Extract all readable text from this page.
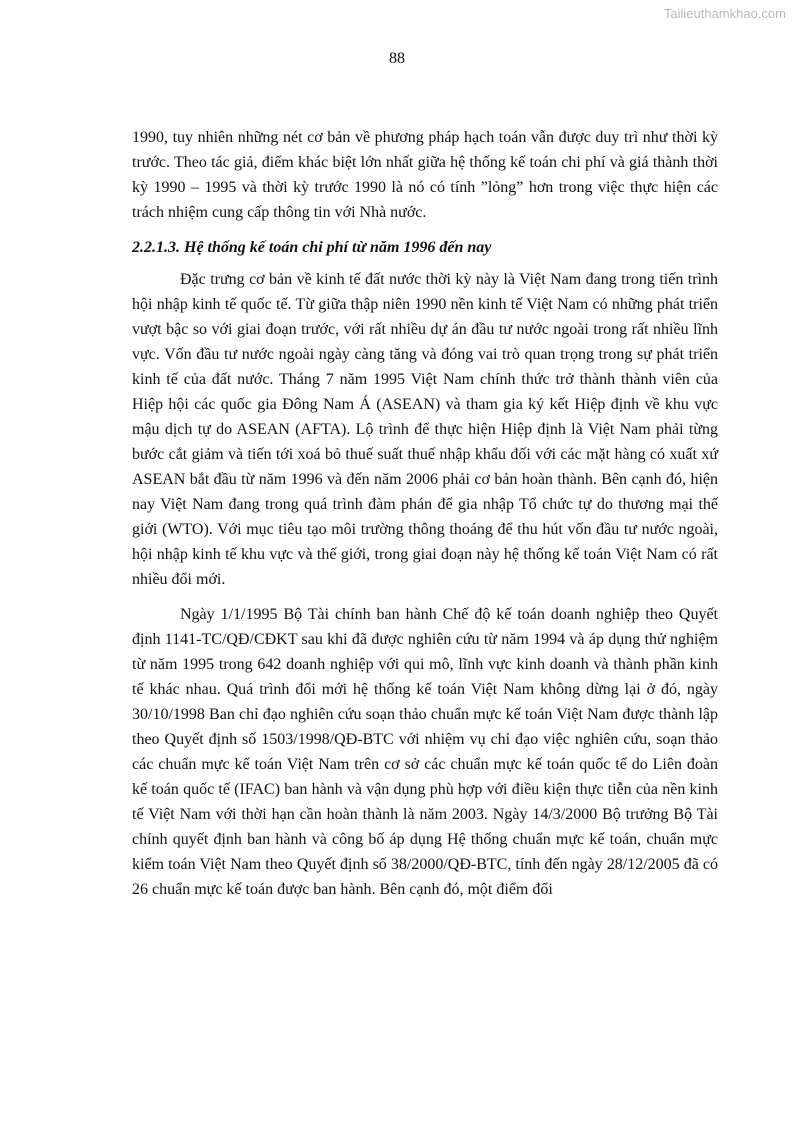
Tailieuthamkhao.com
88

1990, tuy nhiên những nét cơ bản về phương pháp hạch toán vẫn được duy trì như thời kỳ trước. Theo tác giả, điểm khác biệt lớn nhất giữa hệ thống kế toán chi phí và giá thành thời kỳ 1990 – 1995 và thời kỳ trước 1990 là nó có tính ”lỏng” hơn trong việc thực hiện các trách nhiệm cung cấp thông tin với Nhà nước.

2.2.1.3. Hệ thống kế toán chi phí từ năm 1996 đến nay

Đặc trưng cơ bản về kinh tế đất nước thời kỳ này là Việt Nam đang trong tiến trình hội nhập kinh tế quốc tế. Từ giữa thập niên 1990 nền kinh tế Việt Nam có những phát triển vượt bậc so với giai đoạn trước, với rất nhiều dự án đầu tư nước ngoài trong rất nhiều lĩnh vực. Vốn đầu tư nước ngoài ngày càng tăng và đóng vai trò quan trọng trong sự phát triển kinh tế của đất nước. Tháng 7 năm 1995 Việt Nam chính thức trở thành thành viên của Hiệp hội các quốc gia Đông Nam Á (ASEAN) và tham gia ký kết Hiệp định về khu vực mậu dịch tự do ASEAN (AFTA). Lộ trình để thực hiện Hiệp định là Việt Nam phải từng bước cắt giảm và tiến tới xoá bỏ thuế suất thuế nhập khẩu đối với các mặt hàng có xuất xứ ASEAN bắt đầu từ năm 1996 và đến năm 2006 phải cơ bản hoàn thành. Bên cạnh đó, hiện nay Việt Nam đang trong quá trình đàm phán để gia nhập Tổ chức tự do thương mại thế giới (WTO). Với mục tiêu tạo môi trường thông thoáng để thu hút vốn đầu tư nước ngoài, hội nhập kinh tế khu vực và thế giới, trong giai đoạn này hệ thống kế toán Việt Nam có rất nhiều đổi mới.

Ngày 1/1/1995 Bộ Tài chính ban hành Chế độ kế toán doanh nghiệp theo Quyết định 1141-TC/QĐ/CĐKT sau khi đã được nghiên cứu từ năm 1994 và áp dụng thử nghiệm từ năm 1995 trong 642 doanh nghiệp với qui mô, lĩnh vực kinh doanh và thành phần kinh tế khác nhau. Quá trình đổi mới hệ thống kế toán Việt Nam không dừng lại ở đó, ngày 30/10/1998 Ban chỉ đạo nghiên cứu soạn thảo chuẩn mực kế toán Việt Nam được thành lập theo Quyết định số 1503/1998/QĐ-BTC với nhiệm vụ chỉ đạo việc nghiên cứu, soạn thảo các chuẩn mực kế toán Việt Nam trên cơ sở các chuẩn mực kế toán quốc tế do Liên đoàn kế toán quốc tế (IFAC) ban hành và vận dụng phù hợp với điều kiện thực tiễn của nền kinh tế Việt Nam với thời hạn cần hoàn thành là năm 2003. Ngày 14/3/2000 Bộ trưởng Bộ Tài chính quyết định ban hành và công bố áp dụng Hệ thống chuẩn mực kế toán, chuẩn mực kiểm toán Việt Nam theo Quyết định số 38/2000/QĐ-BTC, tính đến ngày 28/12/2005 đã có 26 chuẩn mực kế toán được ban hành. Bên cạnh đó, một điểm đổi
